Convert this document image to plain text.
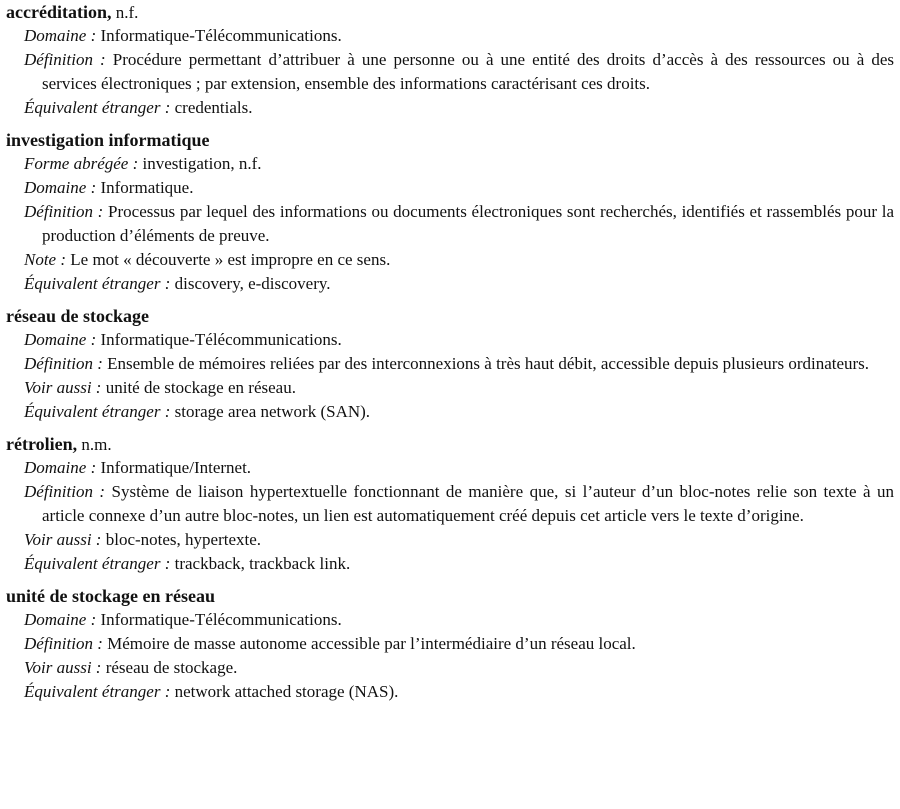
accréditation, n.f.

Domaine : Informatique-Télécommunications.

Définition : Procédure permettant d’attribuer à une personne ou à une entité des droits d’accès à des ressources ou à des services électroniques ; par extension, ensemble des informations caractérisant ces droits.

Équivalent étranger : credentials.

investigation informatique

Forme abrégée : investigation, n.f.

Domaine : Informatique.

Définition : Processus par lequel des informations ou documents électroniques sont recherchés, identifiés et rassemblés pour la production d’éléments de preuve.

Note : Le mot « découverte » est impropre en ce sens.

Équivalent étranger : discovery, e-discovery.

réseau de stockage

Domaine : Informatique-Télécommunications.

Définition : Ensemble de mémoires reliées par des interconnexions à très haut débit, accessible depuis plusieurs ordinateurs.

Voir aussi : unité de stockage en réseau.

Équivalent étranger : storage area network (SAN).

rétrolien, n.m.

Domaine : Informatique/Internet.

Définition : Système de liaison hypertextuelle fonctionnant de manière que, si l’auteur d’un bloc-notes relie son texte à un article connexe d’un autre bloc-notes, un lien est automatiquement créé depuis cet article vers le texte d’origine.

Voir aussi : bloc-notes, hypertexte.

Équivalent étranger : trackback, trackback link.

unité de stockage en réseau

Domaine : Informatique-Télécommunications.

Définition : Mémoire de masse autonome accessible par l’intermédiaire d’un réseau local.

Voir aussi : réseau de stockage.

Équivalent étranger : network attached storage (NAS).
